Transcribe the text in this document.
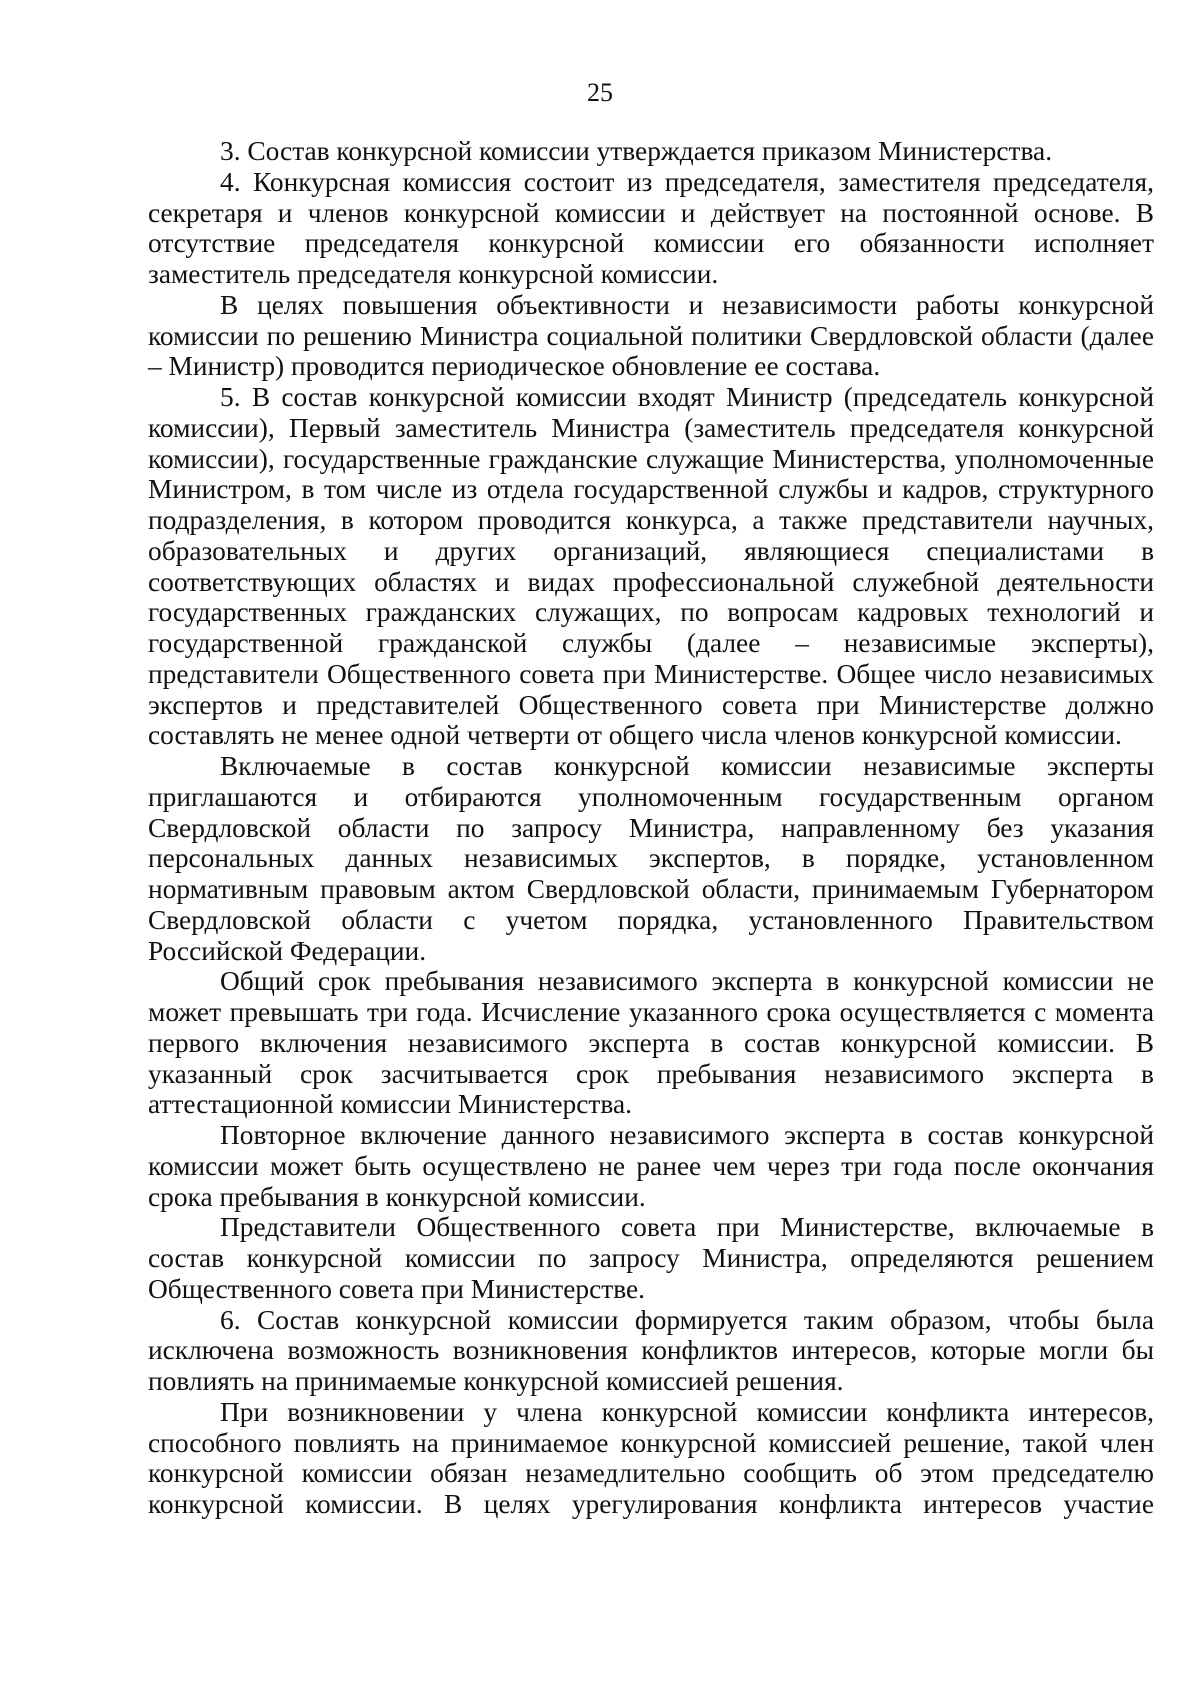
25

3. Состав конкурсной комиссии утверждается приказом Министерства.

4. Конкурсная комиссия состоит из председателя, заместителя председателя, секретаря и членов конкурсной комиссии и действует на постоянной основе. В отсутствие председателя конкурсной комиссии его обязанности исполняет заместитель председателя конкурсной комиссии.

В целях повышения объективности и независимости работы конкурсной комиссии по решению Министра социальной политики Свердловской области (далее – Министр) проводится периодическое обновление ее состава.

5. В состав конкурсной комиссии входят Министр (председатель конкурсной комиссии), Первый заместитель Министра (заместитель председателя конкурсной комиссии), государственные гражданские служащие Министерства, уполномоченные Министром, в том числе из отдела государственной службы и кадров, структурного подразделения, в котором проводится конкурса, а также представители научных, образовательных и других организаций, являющиеся специалистами в соответствующих областях и видах профессиональной служебной деятельности государственных гражданских служащих, по вопросам кадровых технологий и государственной гражданской службы (далее – независимые эксперты), представители Общественного совета при Министерстве. Общее число независимых экспертов и представителей Общественного совета при Министерстве должно составлять не менее одной четверти от общего числа членов конкурсной комиссии.

Включаемые в состав конкурсной комиссии независимые эксперты приглашаются и отбираются уполномоченным государственным органом Свердловской области по запросу Министра, направленному без указания персональных данных независимых экспертов, в порядке, установленном нормативным правовым актом Свердловской области, принимаемым Губернатором Свердловской области с учетом порядка, установленного Правительством Российской Федерации.

Общий срок пребывания независимого эксперта в конкурсной комиссии не может превышать три года. Исчисление указанного срока осуществляется с момента первого включения независимого эксперта в состав конкурсной комиссии. В указанный срок засчитывается срок пребывания независимого эксперта в аттестационной комиссии Министерства.

Повторное включение данного независимого эксперта в состав конкурсной комиссии может быть осуществлено не ранее чем через три года после окончания срока пребывания в конкурсной комиссии.

Представители Общественного совета при Министерстве, включаемые в состав конкурсной комиссии по запросу Министра, определяются решением Общественного совета при Министерстве.

6. Состав конкурсной комиссии формируется таким образом, чтобы была исключена возможность возникновения конфликтов интересов, которые могли бы повлиять на принимаемые конкурсной комиссией решения.

При возникновении у члена конкурсной комиссии конфликта интересов, способного повлиять на принимаемое конкурсной комиссией решение, такой член конкурсной комиссии обязан незамедлительно сообщить об этом председателю конкурсной комиссии. В целях урегулирования конфликта интересов участие
